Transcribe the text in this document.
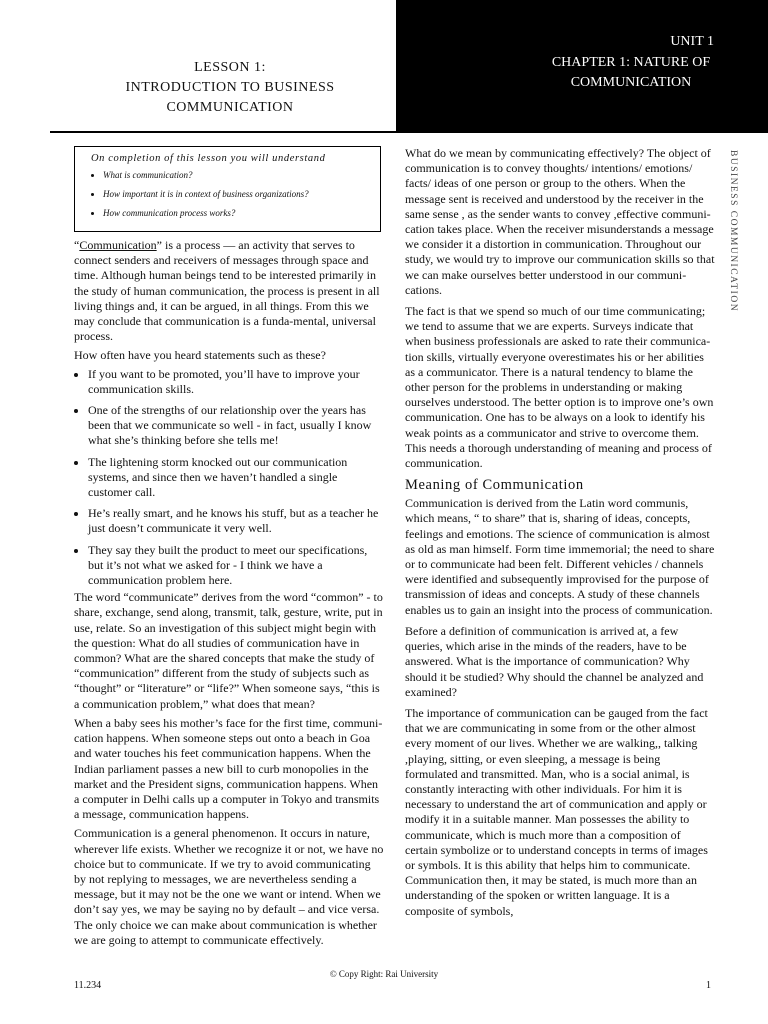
UNIT 1
CHAPTER 1: NATURE OF
COMMUNICATION
LESSON 1:
INTRODUCTION TO BUSINESS
COMMUNICATION
On completion of this lesson you will understand
• What is communication?
• How important it is in context of business organizations?
• How communication process works?

“Communication” is a process — an activity that serves to connect senders and receivers of messages through space and time. Although human beings tend to be interested primarily in the study of human communication, the process is present in all living things and, it can be argued, in all things. From this we may conclude that communication is a funda-mental, universal process.

How often have you heard statements such as these?

• If you want to be promoted, you’ll have to improve your communication skills.
• One of the strengths of our relationship over the years has been that we communicate so well - in fact, usually I know what she’s thinking before she tells me!
• The lightening storm knocked out our communication systems, and since then we haven’t handled a single customer call.
• He’s really smart, and he knows his stuff, but as a teacher he just doesn’t communicate it very well.
• They say they built the product to meet our specifications, but it’s not what we asked for - I think we have a communication problem here.

The word “communicate” derives from the word “common” - to share, exchange, send along, transmit, talk, gesture, write, put in use, relate. So an investigation of this subject might begin with the question: What do all studies of communication have in common? What are the shared concepts that make the study of “communication” different from the study of subjects such as “thought” or “literature” or “life?” When someone says, “this is a communication problem,” what does that mean?

When a baby sees his mother’s face for the first time, communi-cation happens. When someone steps out onto a beach in Goa and water touches his feet communication happens. When the Indian parliament passes a new bill to curb monopolies in the market and the President signs, communication happens. When a computer in Delhi calls up a computer in Tokyo and transmits a message, communication happens.

Communication is a general phenomenon. It occurs in nature, wherever life exists. Whether we recognize it or not, we have no choice but to communicate. If we try to avoid communicating by not replying to messages, we are nevertheless sending a message, but it may not be the one we want or intend. When we don’t say yes, we may be saying no by default – and vice versa. The only choice we can make about communication is whether we are going to attempt to communicate effectively.

What do we mean by communicating effectively? The object of communication is to convey thoughts/ intentions/ emotions/ facts/ ideas of one person or group to the others. When the message sent is received and understood by the receiver in the same sense , as the sender wants to convey ,effective communi-cation takes place. When the receiver misunderstands a message we consider it a distortion in communication. Throughout our study, we would try to improve our communication skills so that we can make ourselves better understood in our communi-cations.

The fact is that we spend so much of our time communicating; we tend to assume that we are experts. Surveys indicate that when business professionals are asked to rate their communica-tion skills, virtually everyone overestimates his or her abilities as a communicator. There is a natural tendency to blame the other person for the problems in understanding or making ourselves understood. The better option is to improve one’s own communication. One has to be always on a look to identify his weak points as a communicator and strive to overcome them. This needs a thorough understanding of meaning and process of communication.

Meaning of Communication

Communication is derived from the Latin word communis, which means, “ to share” that is, sharing of ideas, concepts, feelings and emotions. The science of communication is almost as old as man himself. Form time immemorial; the need to share or to communicate had been felt. Different vehicles / channels were identified and subsequently improvised for the purpose of transmission of ideas and concepts. A study of these channels enables us to gain an insight into the process of communication.

Before a definition of communication is arrived at, a few queries, which arise in the minds of the readers, have to be answered. What is the importance of communication? Why should it be studied? Why should the channel be analyzed and examined?

The importance of communication can be gauged from the fact that we are communicating in some from or the other almost every moment of our lives. Whether we are walking,, talking ,playing, sitting, or even sleeping, a message is being formulated and transmitted. Man, who is a social animal, is constantly interacting with other individuals. For him it is necessary to understand the art of communication and apply or modify it in a suitable manner. Man possesses the ability to communicate, which is much more than a composition of certain symbolize or to understand concepts in terms of images or symbols. It is this ability that helps him to communicate. Communication then, it may be stated, is much more than an understanding of the spoken or written language. It is a composite of symbols,

BUSINESS COMMUNICATION
© Copy Right: Rai University
11.234	1
